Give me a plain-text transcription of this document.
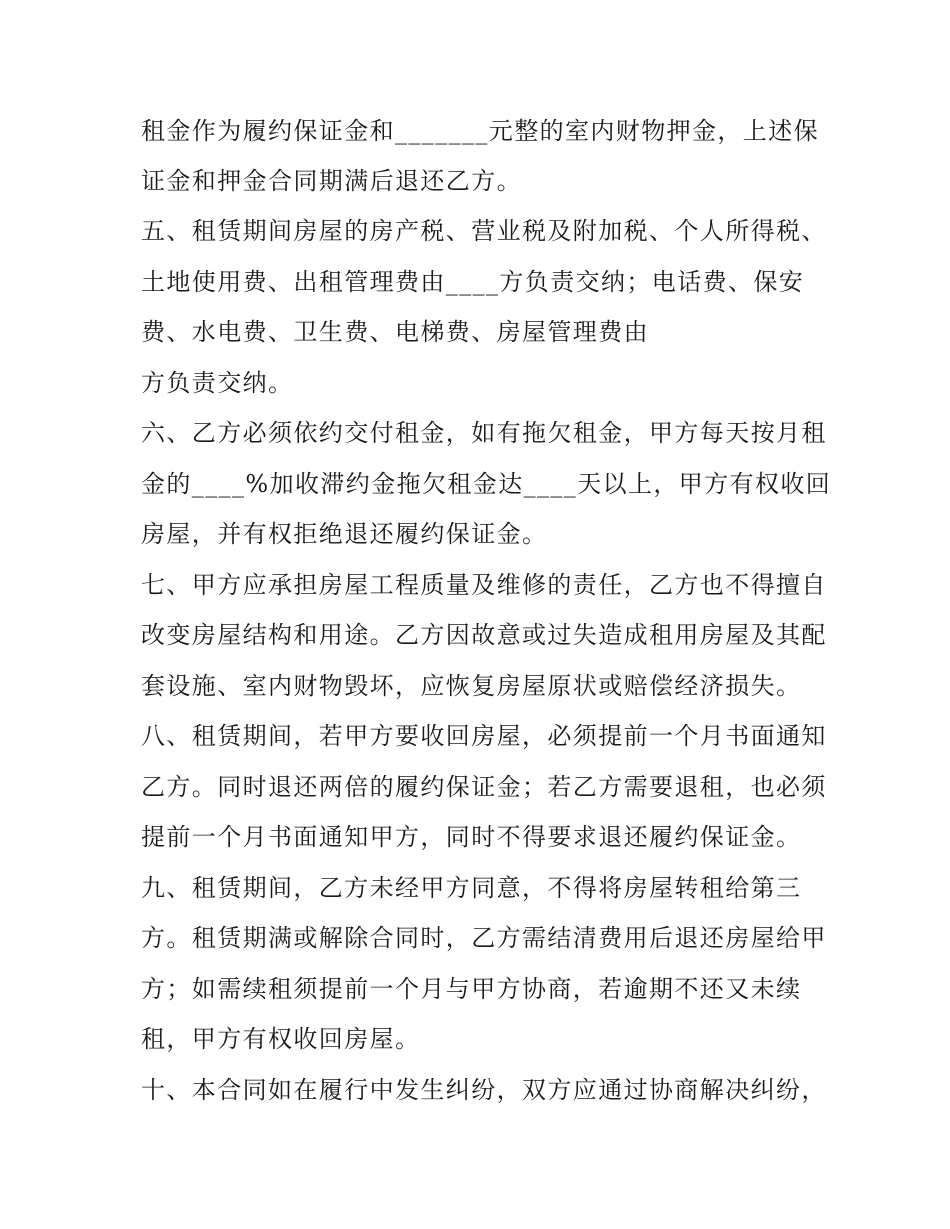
租金作为履约保证金和_______元整的室内财物押金，上述保

证金和押金合同期满后退还乙方。

五、租赁期间房屋的房产税、营业税及附加税、个人所得税、

土地使用费、出租管理费由____方负责交纳；电话费、保安

费、水电费、卫生费、电梯费、房屋管理费由

方负责交纳。

六、乙方必须依约交付租金，如有拖欠租金，甲方每天按月租

金的____%加收滞约金拖欠租金达____天以上，甲方有权收回

房屋，并有权拒绝退还履约保证金。

七、甲方应承担房屋工程质量及维修的责任，乙方也不得擅自

改变房屋结构和用途。乙方因故意或过失造成租用房屋及其配

套设施、室内财物毁坏，应恢复房屋原状或赔偿经济损失。

八、租赁期间，若甲方要收回房屋，必须提前一个月书面通知

乙方。同时退还两倍的履约保证金；若乙方需要退租，也必须

提前一个月书面通知甲方，同时不得要求退还履约保证金。

九、租赁期间，乙方未经甲方同意，不得将房屋转租给第三

方。租赁期满或解除合同时，乙方需结清费用后退还房屋给甲

方；如需续租须提前一个月与甲方协商，若逾期不还又未续

租，甲方有权收回房屋。

十、本合同如在履行中发生纠纷，双方应通过协商解决纠纷，
